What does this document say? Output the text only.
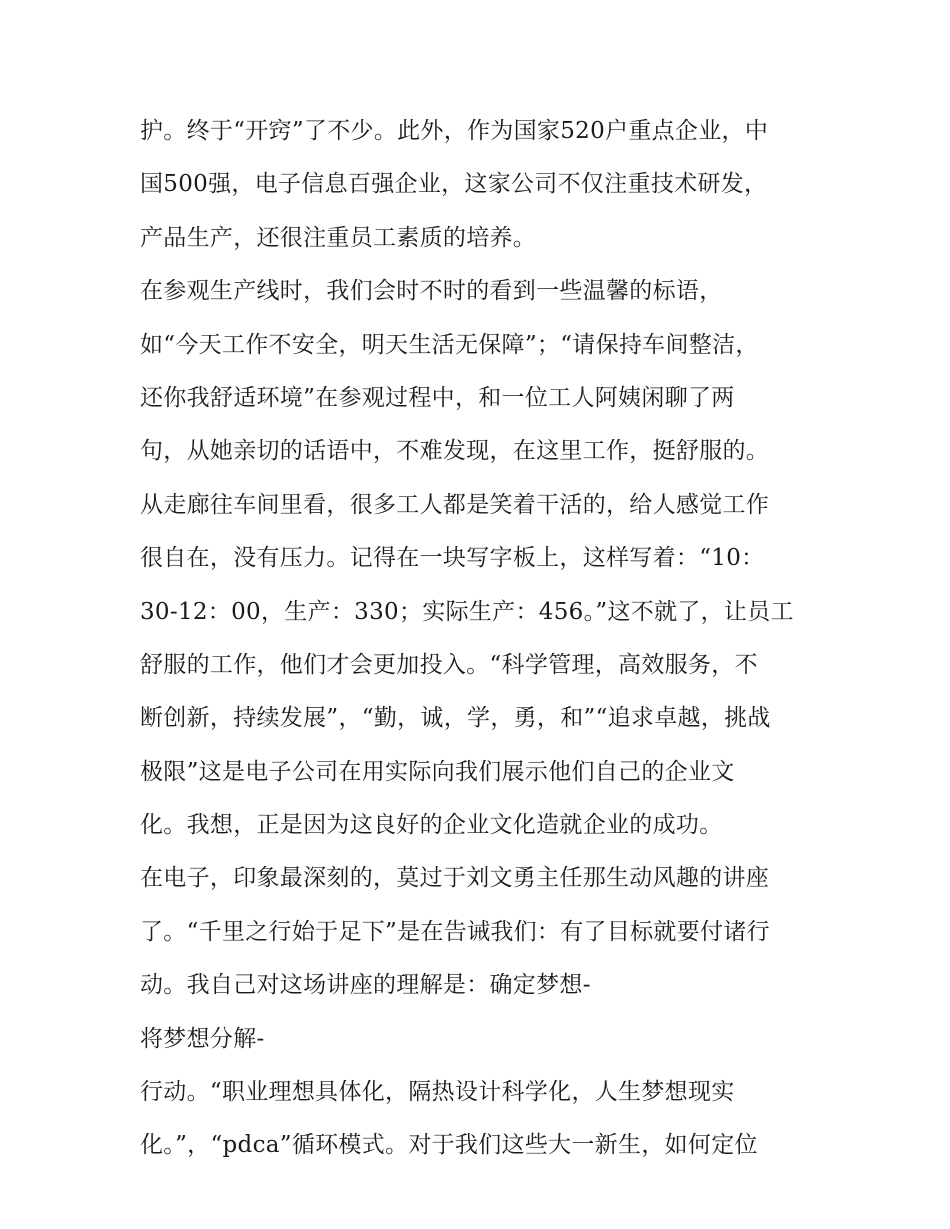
护。终于“开窍”了不少。此外，作为国家520户重点企业，中
国500强，电子信息百强企业，这家公司不仅注重技术研发，
产品生产，还很注重员工素质的培养。
在参观生产线时，我们会时不时的看到一些温馨的标语，
如“今天工作不安全，明天生活无保障”；“请保持车间整洁，
还你我舒适环境”在参观过程中，和一位工人阿姨闲聊了两
句，从她亲切的话语中，不难发现，在这里工作，挺舒服的。
从走廊往车间里看，很多工人都是笑着干活的，给人感觉工作
很自在，没有压力。记得在一块写字板上，这样写着：“10：
30-12：00，生产：330；实际生产：456。”这不就了，让员工
舒服的工作，他们才会更加投入。“科学管理，高效服务，不
断创新，持续发展”，“勤，诚，学，勇，和”“追求卓越，挑战
极限”这是电子公司在用实际向我们展示他们自己的企业文
化。我想，正是因为这良好的企业文化造就企业的成功。
在电子，印象最深刻的，莫过于刘文勇主任那生动风趣的讲座
了。“千里之行始于足下”是在告诫我们：有了目标就要付诸行
动。我自己对这场讲座的理解是：确定梦想-
将梦想分解-
行动。“职业理想具体化，隔热设计科学化，人生梦想现实
化。”，“pdca”循环模式。对于我们这些大一新生，如何定位
